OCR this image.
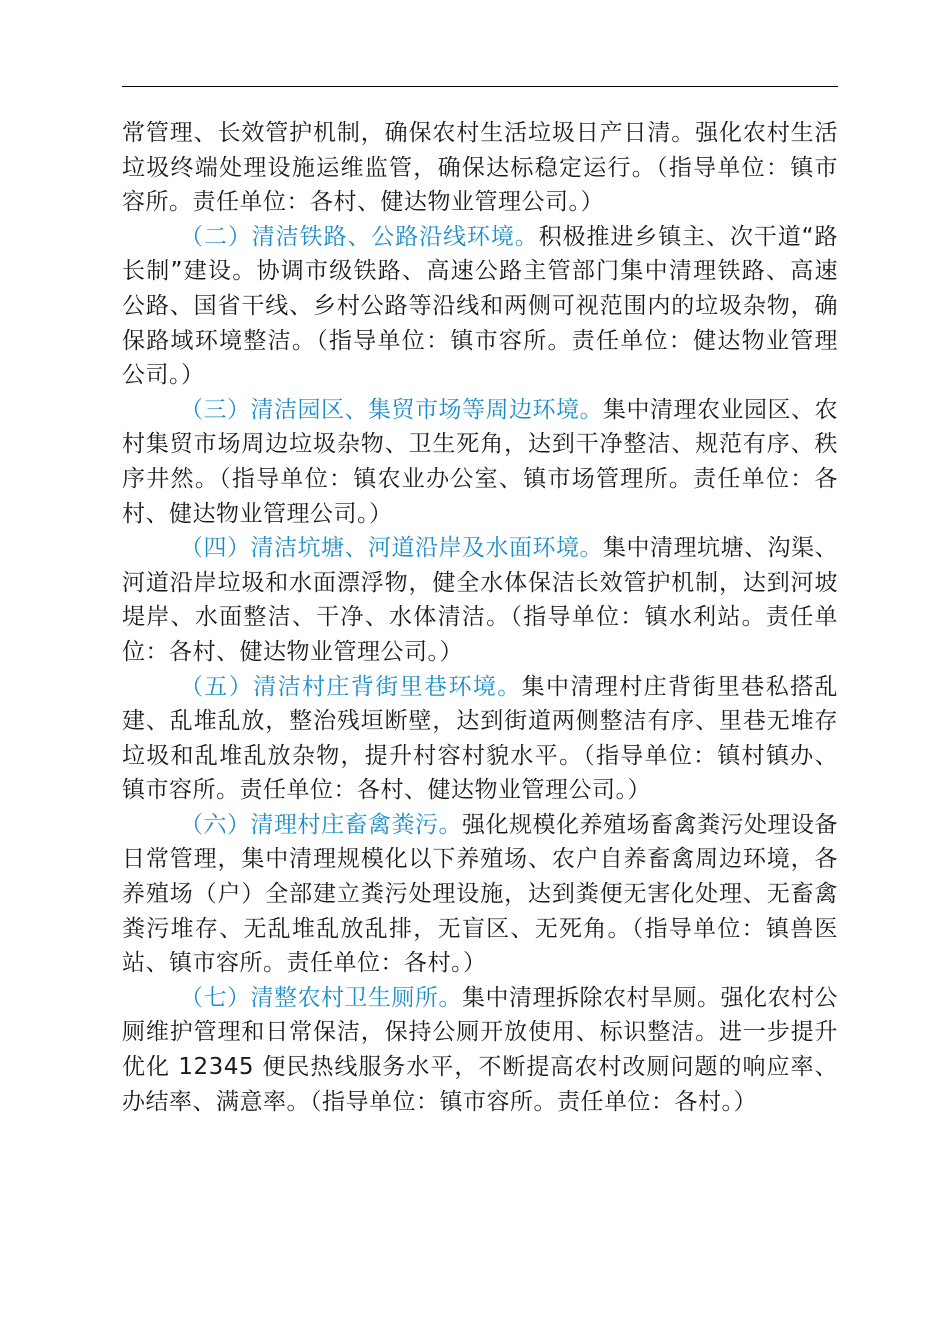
常管理、长效管护机制，确保农村生活垃圾日产日清。强化农村生活垃圾终端处理设施运维监管，确保达标稳定运行。（指导单位：镇市容所。责任单位：各村、健达物业管理公司。）

（二）清洁铁路、公路沿线环境。积极推进乡镇主、次干道“路长制”建设。协调市级铁路、高速公路主管部门集中清理铁路、高速公路、国省干线、乡村公路等沿线和两侧可视范围内的垃圾杂物，确保路域环境整洁。（指导单位：镇市容所。责任单位：健达物业管理公司。）

（三）清洁园区、集贸市场等周边环境。集中清理农业园区、农村集贸市场周边垃圾杂物、卫生死角，达到干净整洁、规范有序、秩序井然。（指导单位：镇农业办公室、镇市场管理所。责任单位：各村、健达物业管理公司。）

（四）清洁坑塘、河道沿岸及水面环境。集中清理坑塘、沟渠、河道沿岸垃圾和水面漂浮物，健全水体保洁长效管护机制，达到河坡堤岸、水面整洁、干净、水体清洁。（指导单位：镇水利站。责任单位：各村、健达物业管理公司。）

（五）清洁村庄背街里巷环境。集中清理村庄背街里巷私搭乱建、乱堆乱放，整治残垣断壁，达到街道两侧整洁有序、里巷无堆存垃圾和乱堆乱放杂物，提升村容村貌水平。（指导单位：镇村镇办、镇市容所。责任单位：各村、健达物业管理公司。）

（六）清理村庄畜禽粪污。强化规模化养殖场畜禽粪污处理设备日常管理，集中清理规模化以下养殖场、农户自养畜禽周边环境，各养殖场（户）全部建立粪污处理设施，达到粪便无害化处理、无畜禽粪污堆存、无乱堆乱放乱排，无盲区、无死角。（指导单位：镇兽医站、镇市容所。责任单位：各村。）

（七）清整农村卫生厕所。集中清理拆除农村旱厕。强化农村公厕维护管理和日常保洁，保持公厕开放使用、标识整洁。进一步提升优化 12345 便民热线服务水平，不断提高农村改厕问题的响应率、办结率、满意率。（指导单位：镇市容所。责任单位：各村。）
